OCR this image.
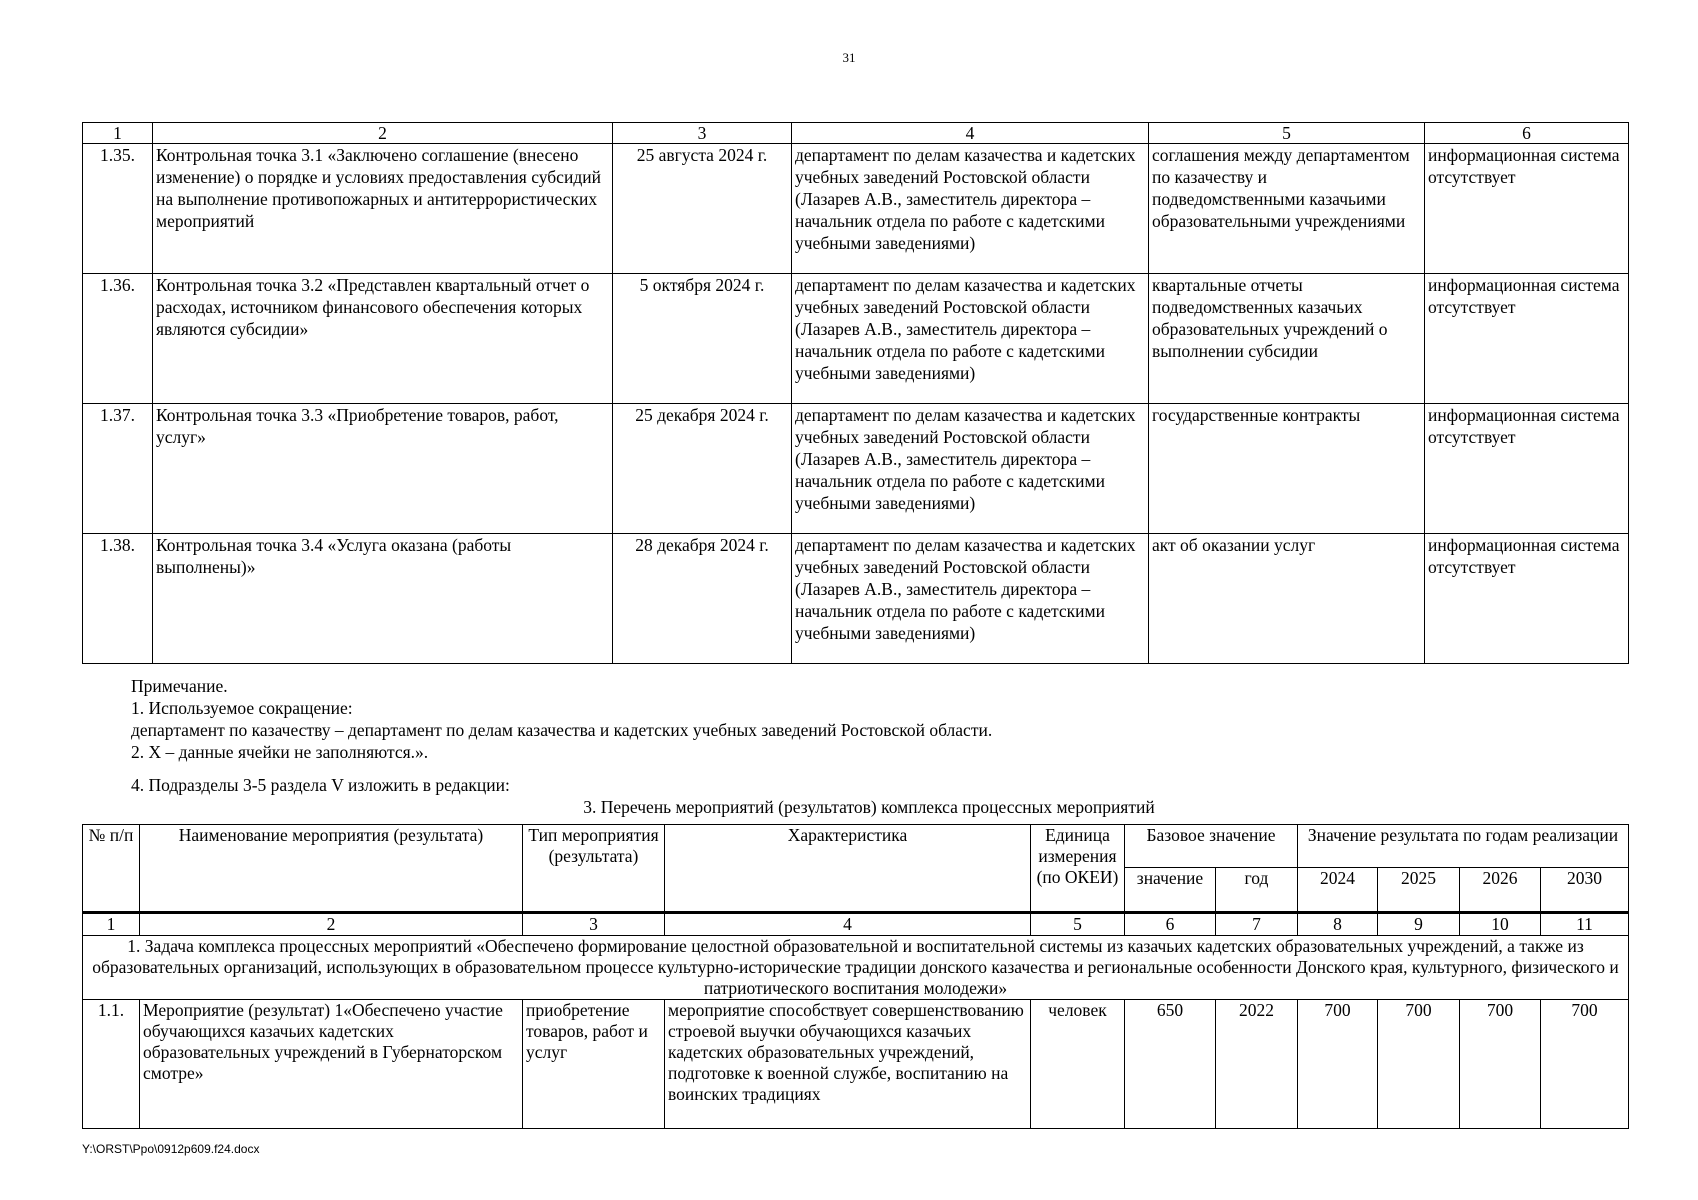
31
1	2	3	4	5	6
1.35.	Контрольная точка 3.1 «Заключено соглашение (внесено изменение) о порядке и условиях предоставления субсидий на выполнение противопожарных и антитеррористических мероприятий	25 августа 2024 г.	департамент по делам казачества и кадетских учебных заведений Ростовской области (Лазарев А.В., заместитель директора – начальник отдела по работе с кадетскими учебными заведениями)	соглашения между департаментом по казачеству и подведомственными казачьими образовательными учреждениями	информационная система отсутствует
1.36.	Контрольная точка 3.2 «Представлен квартальный отчет о расходах, источником финансового обеспечения которых являются субсидии»	5 октября 2024 г.	департамент по делам казачества и кадетских учебных заведений Ростовской области (Лазарев А.В., заместитель директора – начальник отдела по работе с кадетскими учебными заведениями)	квартальные отчеты подведомственных казачьих образовательных учреждений о выполнении субсидии	информационная система отсутствует
1.37.	Контрольная точка 3.3 «Приобретение товаров, работ, услуг»	25 декабря 2024 г.	департамент по делам казачества и кадетских учебных заведений Ростовской области (Лазарев А.В., заместитель директора – начальник отдела по работе с кадетскими учебными заведениями)	государственные контракты	информационная система отсутствует
1.38.	Контрольная точка 3.4 «Услуга оказана (работы выполнены)»	28 декабря 2024 г.	департамент по делам казачества и кадетских учебных заведений Ростовской области (Лазарев А.В., заместитель директора – начальник отдела по работе с кадетскими учебными заведениями)	акт об оказании услуг	информационная система отсутствует
Примечание.
1. Используемое сокращение:
департамент по казачеству – департамент по делам казачества и кадетских учебных заведений Ростовской области.
2. Х – данные ячейки не заполняются.».
4. Подразделы 3-5 раздела V изложить в редакции:
3. Перечень мероприятий (результатов) комплекса процессных мероприятий
№ п/п	Наименование мероприятия (результата)	Тип мероприятия (результата)	Характеристика	Единица измерения (по ОКЕИ)	Базовое значение		Значение результата по годам реализации			
					значение	год	2024	2025	2026	2030
1	2	3	4	5	6	7	8	9	10	11
1. Задача комплекса процессных мероприятий «Обеспечено формирование целостной образовательной и воспитательной системы из казачьих кадетских образовательных учреждений, а также из образовательных организаций, использующих в образовательном процессе культурно-исторические традиции донского казачества и региональные особенности Донского края, культурного, физического и патриотического воспитания молодежи»										
1.1.	Мероприятие (результат) 1«Обеспечено участие обучающихся казачьих кадетских образовательных учреждений в Губернаторском смотре»	приобретение товаров, работ и услуг	мероприятие способствует совершенствованию строевой выучки обучающихся казачьих кадетских образовательных учреждений, подготовке к военной службе, воспитанию на воинских традициях	человек	650	2022	700	700	700	700
Y:\ORST\Ppo\0912p609.f24.docx
